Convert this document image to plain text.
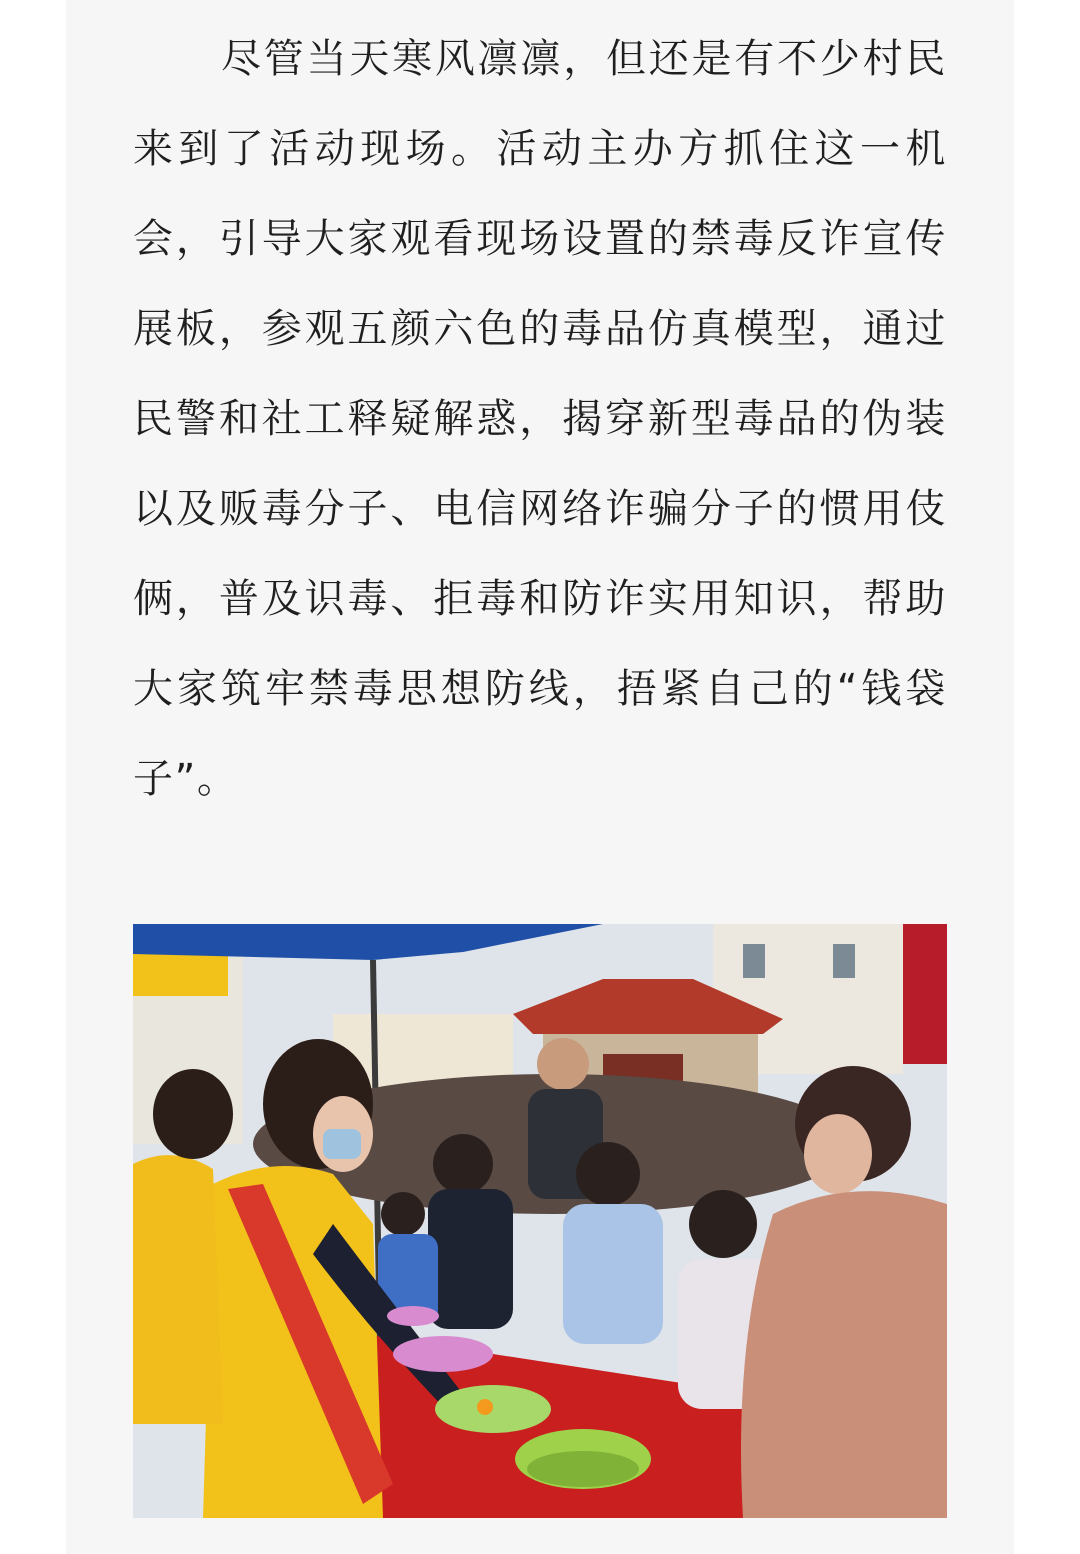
尽管当天寒风凛凛，但还是有不少村民来到了活动现场。活动主办方抓住这一机会，引导大家观看现场设置的禁毒反诈宣传展板，参观五颜六色的毒品仿真模型，通过民警和社工释疑解惑，揭穿新型毒品的伪装以及贩毒分子、电信网络诈骗分子的惯用伎俩，普及识毒、拒毒和防诈实用知识，帮助大家筑牢禁毒思想防线，捂紧自己的“钱袋子”。
